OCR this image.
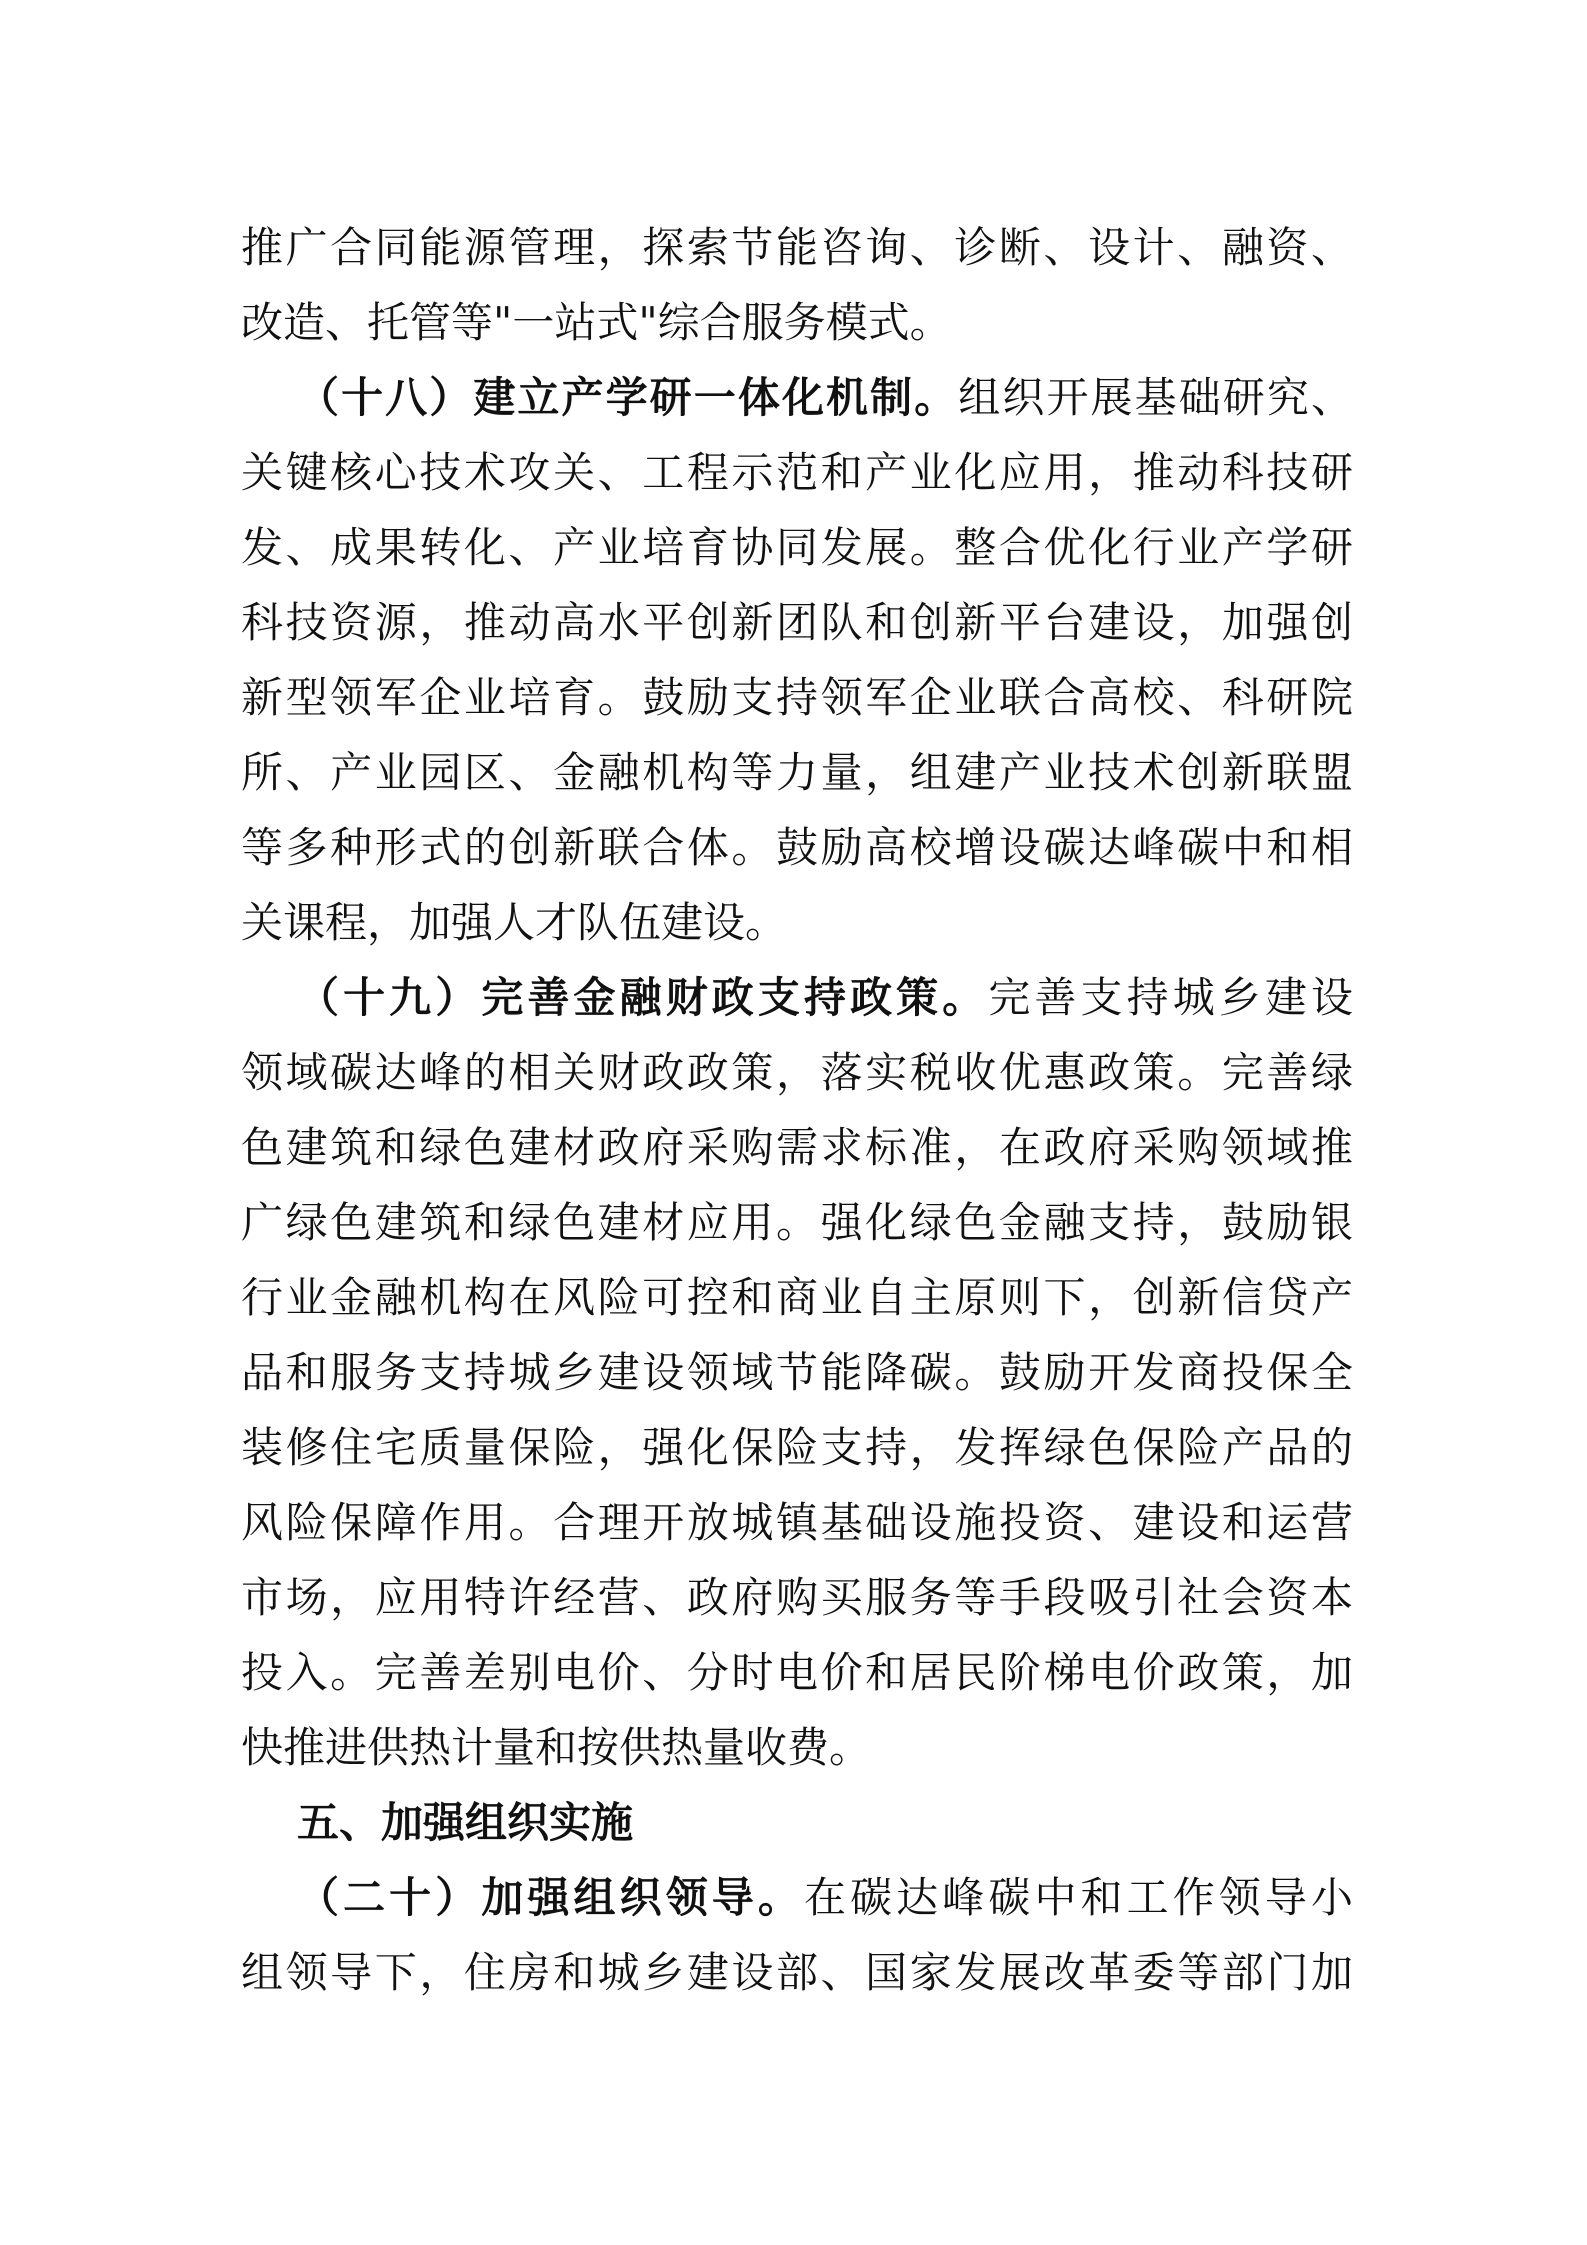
推广合同能源管理，探索节能咨询、诊断、设计、融资、
改造、托管等"一站式"综合服务模式。
（十八）建立产学研一体化机制。组织开展基础研究、
关键核心技术攻关、工程示范和产业化应用，推动科技研
发、成果转化、产业培育协同发展。整合优化行业产学研
科技资源，推动高水平创新团队和创新平台建设，加强创
新型领军企业培育。鼓励支持领军企业联合高校、科研院
所、产业园区、金融机构等力量，组建产业技术创新联盟
等多种形式的创新联合体。鼓励高校增设碳达峰碳中和相
关课程，加强人才队伍建设。
（十九）完善金融财政支持政策。完善支持城乡建设
领域碳达峰的相关财政政策，落实税收优惠政策。完善绿
色建筑和绿色建材政府采购需求标准，在政府采购领域推
广绿色建筑和绿色建材应用。强化绿色金融支持，鼓励银
行业金融机构在风险可控和商业自主原则下，创新信贷产
品和服务支持城乡建设领域节能降碳。鼓励开发商投保全
装修住宅质量保险，强化保险支持，发挥绿色保险产品的
风险保障作用。合理开放城镇基础设施投资、建设和运营
市场，应用特许经营、政府购买服务等手段吸引社会资本
投入。完善差别电价、分时电价和居民阶梯电价政策，加
快推进供热计量和按供热量收费。
五、加强组织实施
（二十）加强组织领导。在碳达峰碳中和工作领导小
组领导下，住房和城乡建设部、国家发展改革委等部门加
